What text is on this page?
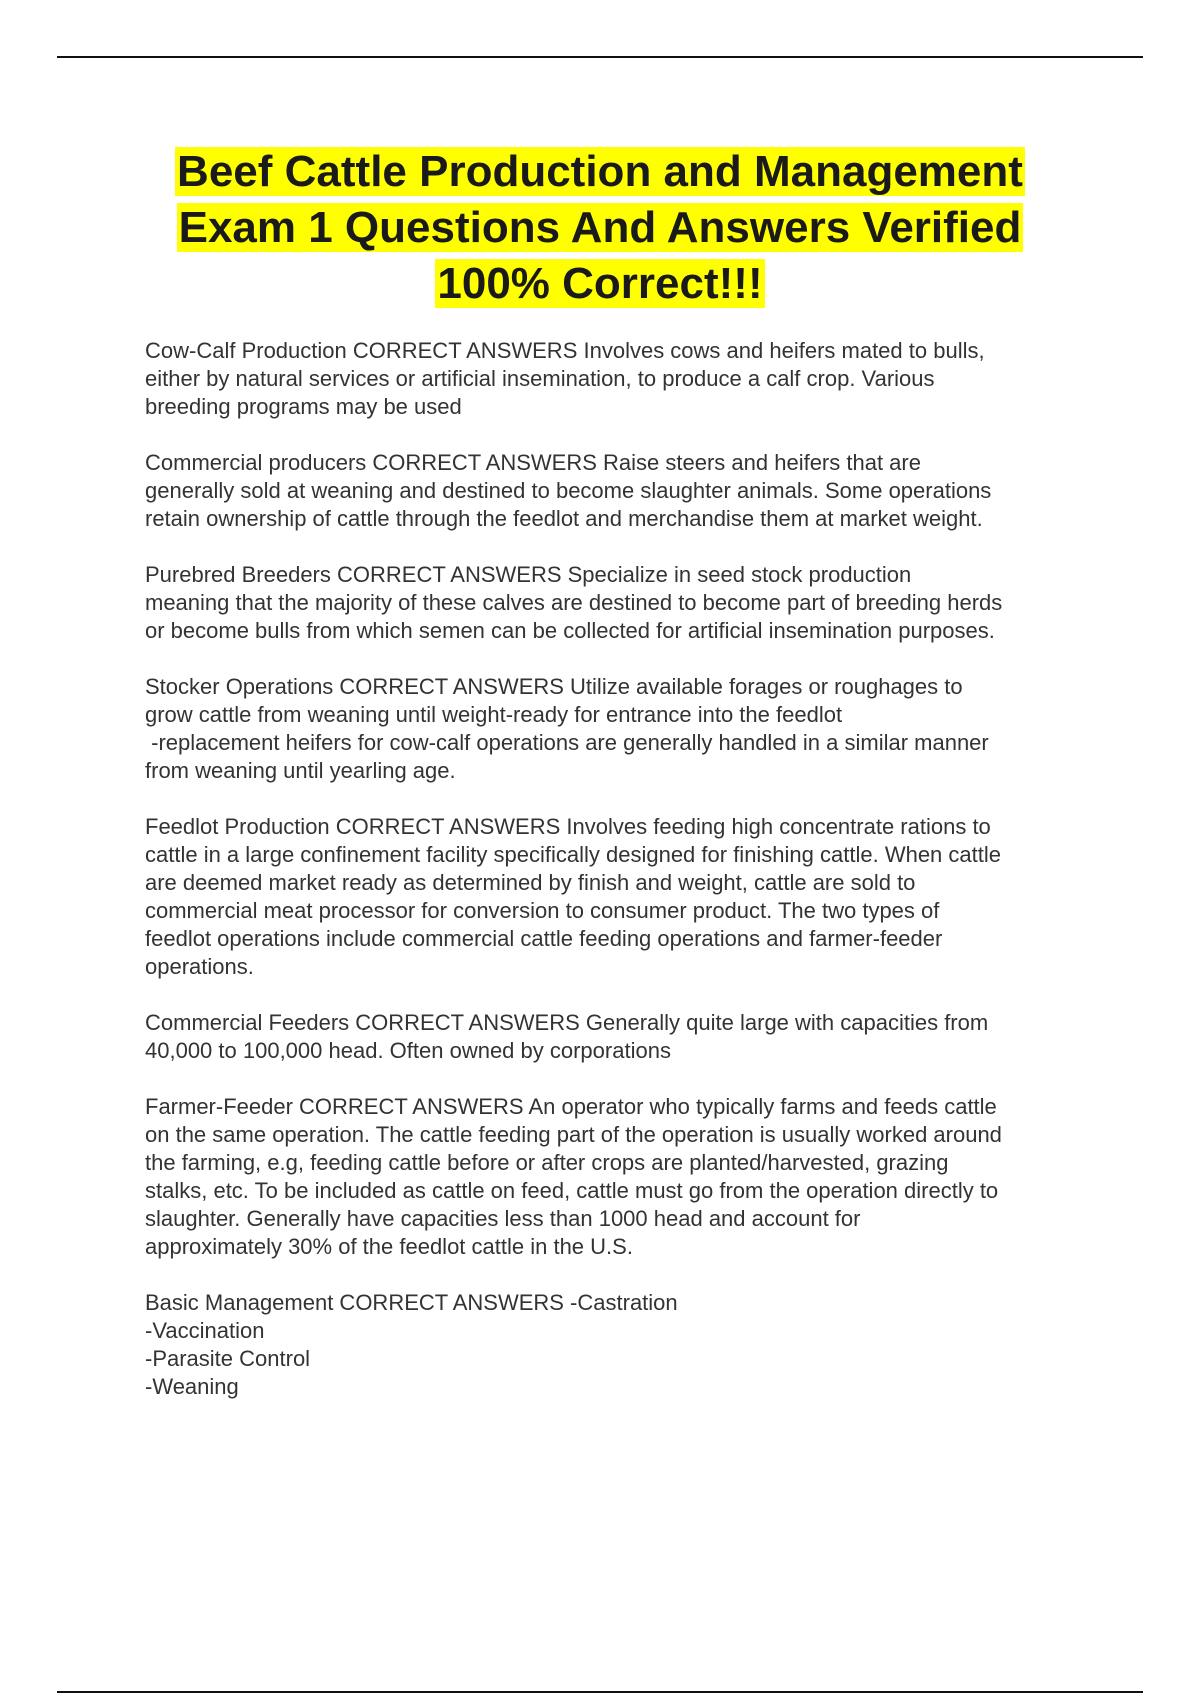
Beef Cattle Production and Management
Exam 1 Questions And Answers Verified
100% Correct!!!

Cow-Calf Production CORRECT ANSWERS Involves cows and heifers mated to bulls,
either by natural services or artificial insemination, to produce a calf crop. Various
breeding programs may be used

Commercial producers CORRECT ANSWERS Raise steers and heifers that are
generally sold at weaning and destined to become slaughter animals. Some operations
retain ownership of cattle through the feedlot and merchandise them at market weight.

Purebred Breeders CORRECT ANSWERS Specialize in seed stock production
meaning that the majority of these calves are destined to become part of breeding herds
or become bulls from which semen can be collected for artificial insemination purposes.

Stocker Operations CORRECT ANSWERS Utilize available forages or roughages to
grow cattle from weaning until weight-ready for entrance into the feedlot
-replacement heifers for cow-calf operations are generally handled in a similar manner
from weaning until yearling age.

Feedlot Production CORRECT ANSWERS Involves feeding high concentrate rations to
cattle in a large confinement facility specifically designed for finishing cattle. When cattle
are deemed market ready as determined by finish and weight, cattle are sold to
commercial meat processor for conversion to consumer product. The two types of
feedlot operations include commercial cattle feeding operations and farmer-feeder
operations.

Commercial Feeders CORRECT ANSWERS Generally quite large with capacities from
40,000 to 100,000 head. Often owned by corporations

Farmer-Feeder CORRECT ANSWERS An operator who typically farms and feeds cattle
on the same operation. The cattle feeding part of the operation is usually worked around
the farming, e.g, feeding cattle before or after crops are planted/harvested, grazing
stalks, etc. To be included as cattle on feed, cattle must go from the operation directly to
slaughter. Generally have capacities less than 1000 head and account for
approximately 30% of the feedlot cattle in the U.S.

Basic Management CORRECT ANSWERS -Castration
-Vaccination
-Parasite Control
-Weaning
